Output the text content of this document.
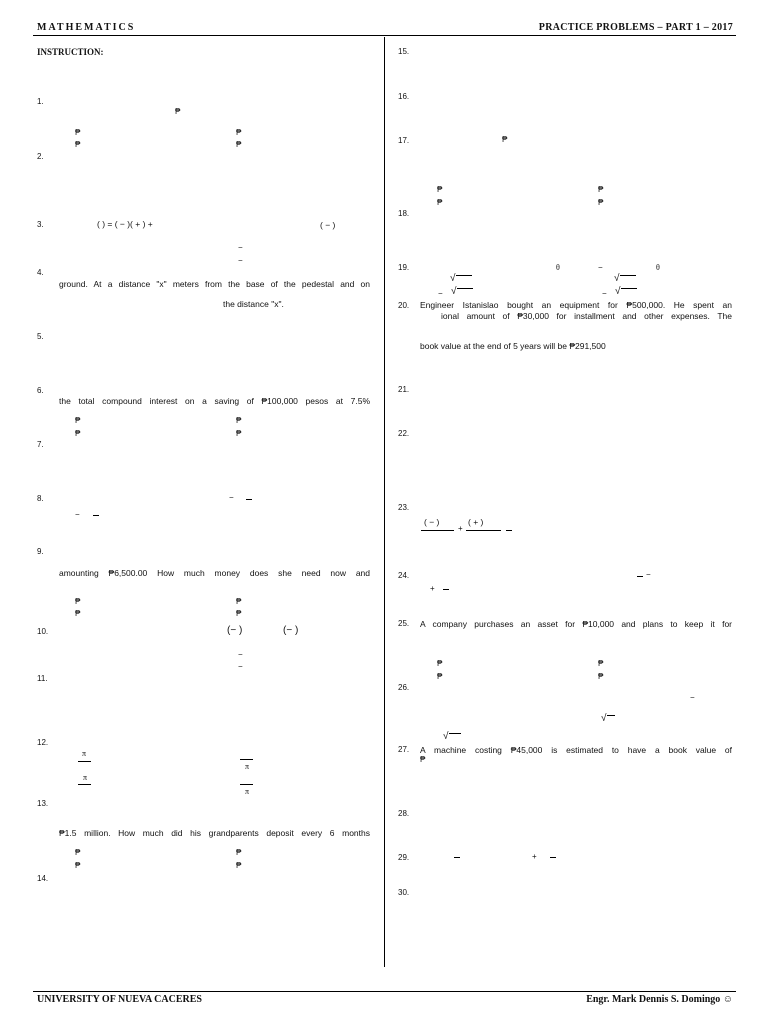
MATHEMATICS	PRACTICE PROBLEMS – PART 1 – 2017
UNIVERSITY OF NUEVA CACERES	Engr. Mark Dennis S. Domingo ☺
INSTRUCTION:
1.
₱
₱	₱
₱	₱
2.
3.	( ) = ( − )( + ) +	( − )
−
−
4.
ground. At a distance "x" meters from the base of the pedestal and on
the distance "x".
5.
6.
the total compound interest on a saving of ₱100,000 pesos at 7.5%
₱	₱
₱	₱
7.
8.	−
−
9.
amounting ₱6,500.00 How much money does she need now and
₱	₱
₱	₱
10.	(− )	(− )
−
−
11.
12.
π
π
π
π
13.
₱1.5 million. How much did his grandparents deposit every 6 months
₱	₱
₱	₱
14.
15.
16.
17.	₱
₱	₱
₱	₱
18.
19.	θ	−	θ
√	√
− √	− √
20. Engineer Istanislao bought an equipment for ₱500,000. He spent an
ional amount of ₱30,000 for installment and other expenses. The
book value at the end of 5 years will be ₱291,500
21.
22.
23.
( − )
+
( + )
24.	−
+
25. A company purchases an asset for ₱10,000 and plans to keep it for
₱	₱
₱	₱
26.
−
√
√
27. A machine costing ₱45,000 is estimated to have a book value of
₱
28.
29.	+
30.
